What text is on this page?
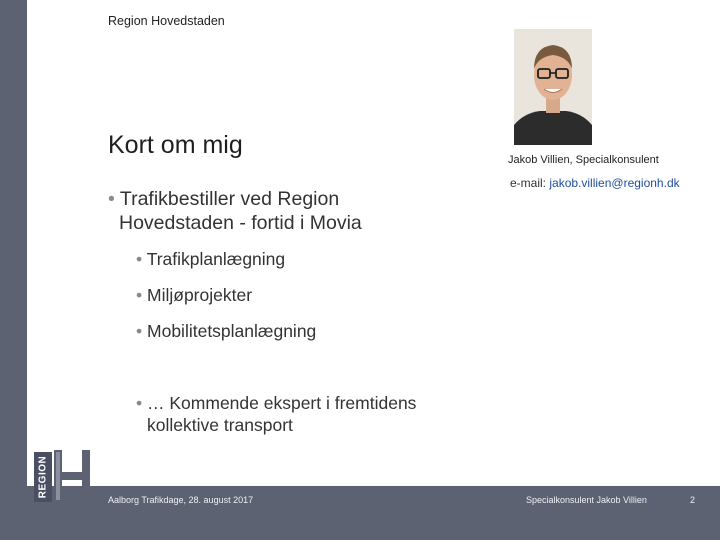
Region Hovedstaden
Kort om mig
Jakob Villien, Specialkonsulent
e-mail: jakob.villien@regionh.dk
• Trafikbestiller ved Region Hovedstaden - fortid i Movia
• Trafikplanlægning
• Miljøprojekter
• Mobilitetsplanlægning
• … Kommende ekspert i fremtidens kollektive transport
REGION
Aalborg Trafikdage, 28. august 2017	Specialkonsulent Jakob Villien	2
